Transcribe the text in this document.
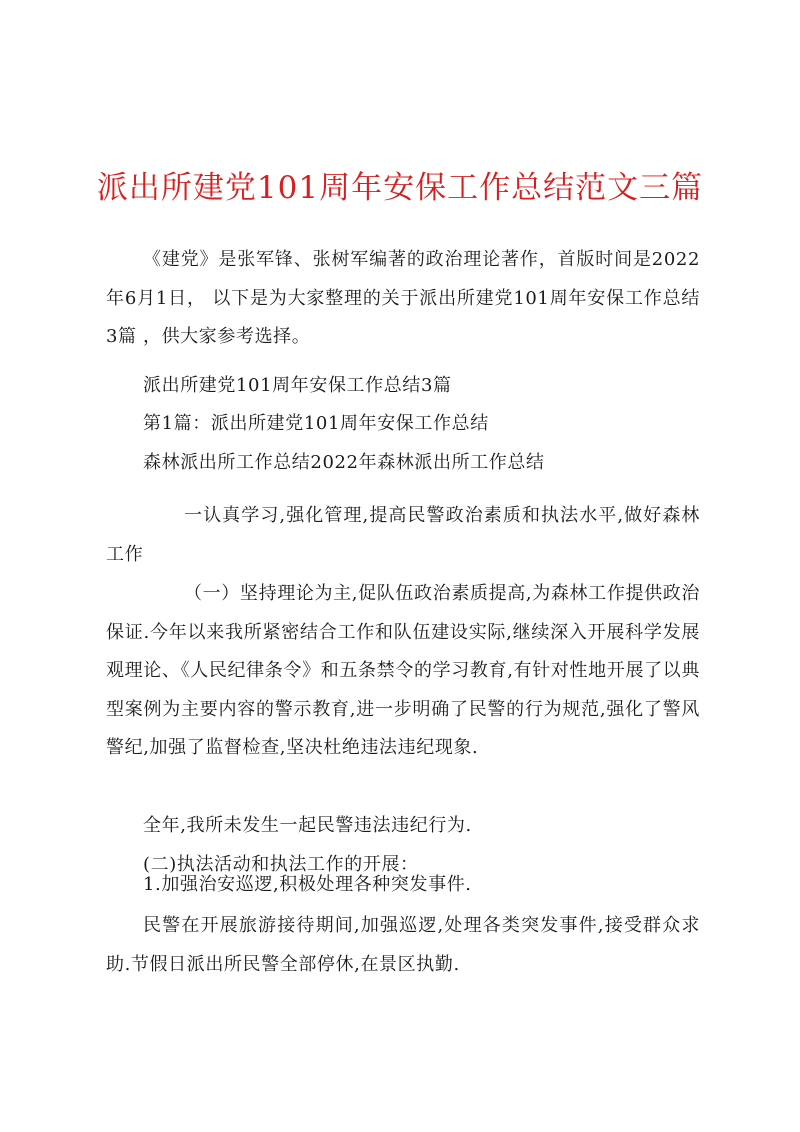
派出所建党101周年安保工作总结范文三篇

《建党》是张军锋、张树军编著的政治理论著作，首版时间是2022年6月1日， 以下是为大家整理的关于派出所建党101周年安保工作总结3篇 ，供大家参考选择。

派出所建党101周年安保工作总结3篇

第1篇：派出所建党101周年安保工作总结

森林派出所工作总结2022年森林派出所工作总结

一认真学习,强化管理,提高民警政治素质和执法水平,做好森林工作

（一）坚持理论为主,促队伍政治素质提高,为森林工作提供政治保证.今年以来我所紧密结合工作和队伍建设实际,继续深入开展科学发展观理论、《人民纪律条令》和五条禁令的学习教育,有针对性地开展了以典型案例为主要内容的警示教育,进一步明确了民警的行为规范,强化了警风警纪,加强了监督检查,坚决杜绝违法违纪现象.

全年,我所未发生一起民警违法违纪行为.

(二)执法活动和执法工作的开展：

1.加强治安巡逻,积极处理各种突发事件.

民警在开展旅游接待期间,加强巡逻,处理各类突发事件,接受群众求助.节假日派出所民警全部停休,在景区执勤.
